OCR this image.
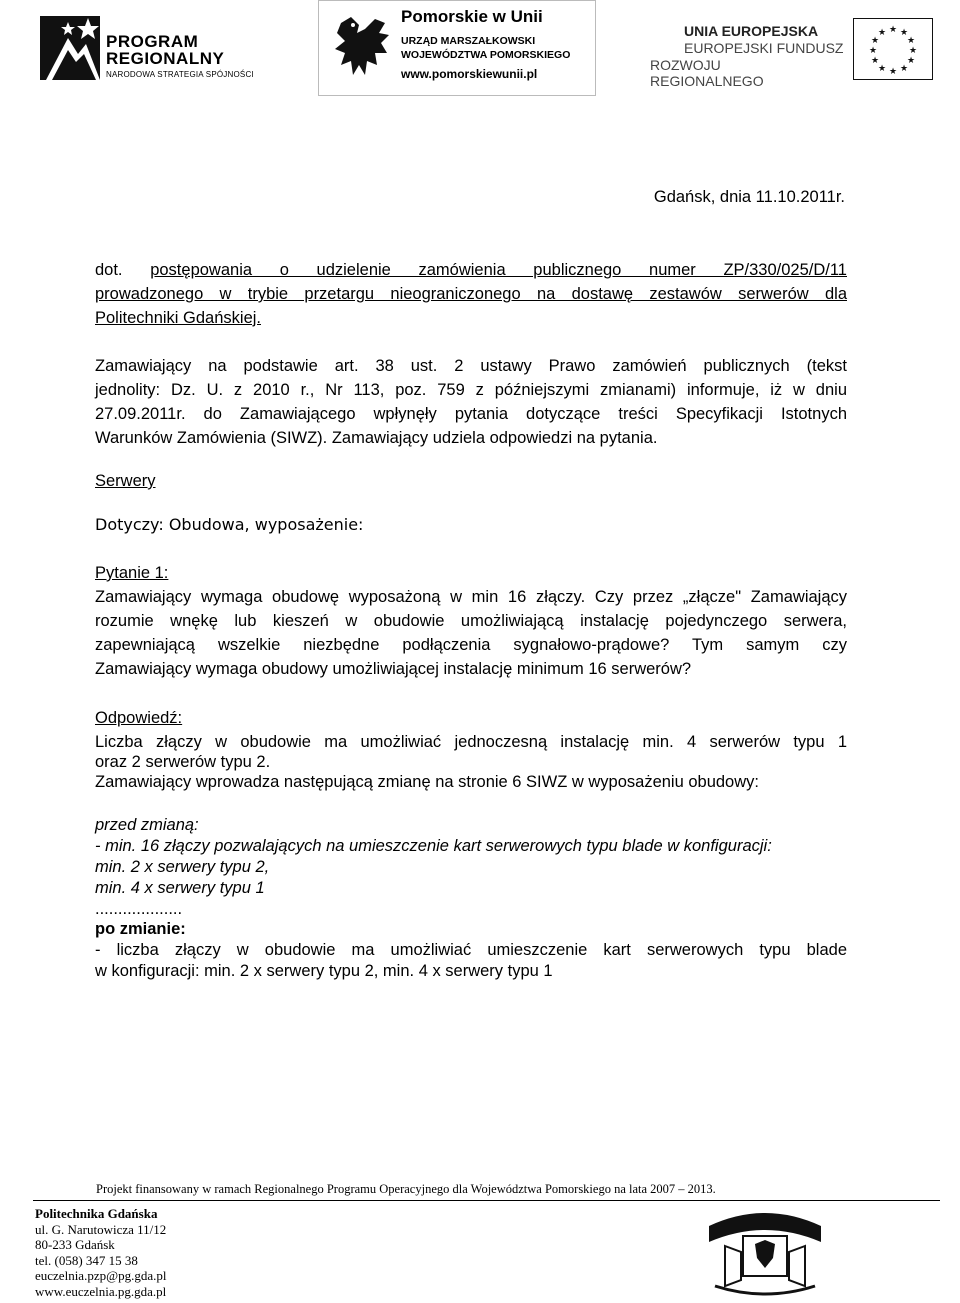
PROGRAM
REGIONALNY
NARODOWA STRATEGIA SPÓJNOŚCI
Pomorskie w Unii
URZĄD MARSZAŁKOWSKI
WOJEWÓDZTWA POMORSKIEGO
www.pomorskiewunii.pl
UNIA EUROPEJSKA
EUROPEJSKI FUNDUSZ
ROZWOJU REGIONALNEGO
★ ★
★
★
★
★
★
★
★
★
★
★
Gdańsk, dnia 11.10.2011r.
dot. postępowania o udzielenie zamówienia publicznego numer ZP/330/025/D/11
prowadzonego w trybie przetargu nieograniczonego na dostawę zestawów serwerów dla
Politechniki Gdańskiej.
Zamawiający na podstawie art. 38 ust. 2 ustawy Prawo zamówień publicznych (tekst
jednolity: Dz. U. z 2010 r., Nr 113, poz. 759 z późniejszymi zmianami) informuje, iż w dniu
27.09.2011r. do Zamawiającego wpłynęły pytania dotyczące treści Specyfikacji Istotnych
Warunków Zamówienia (SIWZ). Zamawiający udziela odpowiedzi na pytania.
Serwery
Dotyczy: Obudowa, wyposażenie:
Pytanie 1:
Zamawiający wymaga obudowę wyposażoną w min 16 złączy. Czy przez „złącze" Zamawiający
rozumie wnękę lub kieszeń w obudowie umożliwiającą instalację pojedynczego serwera,
zapewniającą wszelkie niezbędne podłączenia sygnałowo-prądowe? Tym samym czy
Zamawiający wymaga obudowy umożliwiającej instalację minimum 16 serwerów?
Odpowiedź:
Liczba złączy w obudowie ma umożliwiać jednoczesną instalację min. 4 serwerów typu 1
oraz 2 serwerów typu 2.
Zamawiający wprowadza następującą zmianę na stronie 6 SIWZ w wyposażeniu obudowy:
przed zmianą:
- min. 16 złączy pozwalających na umieszczenie kart serwerowych typu blade w konfiguracji:
min. 2 x serwery typu 2,
min. 4 x serwery typu 1
...................
po zmianie:
- liczba złączy w obudowie ma umożliwiać umieszczenie kart serwerowych typu blade
w konfiguracji: min. 2 x serwery typu 2, min. 4 x serwery typu 1
Projekt finansowany w ramach Regionalnego Programu Operacyjnego dla Województwa Pomorskiego na lata 2007 – 2013.
Politechnika Gdańska
ul. G. Narutowicza 11/12
80-233 Gdańsk
tel. (058) 347 15 38
euczelnia.pzp@pg.gda.pl
www.euczelnia.pg.gda.pl
